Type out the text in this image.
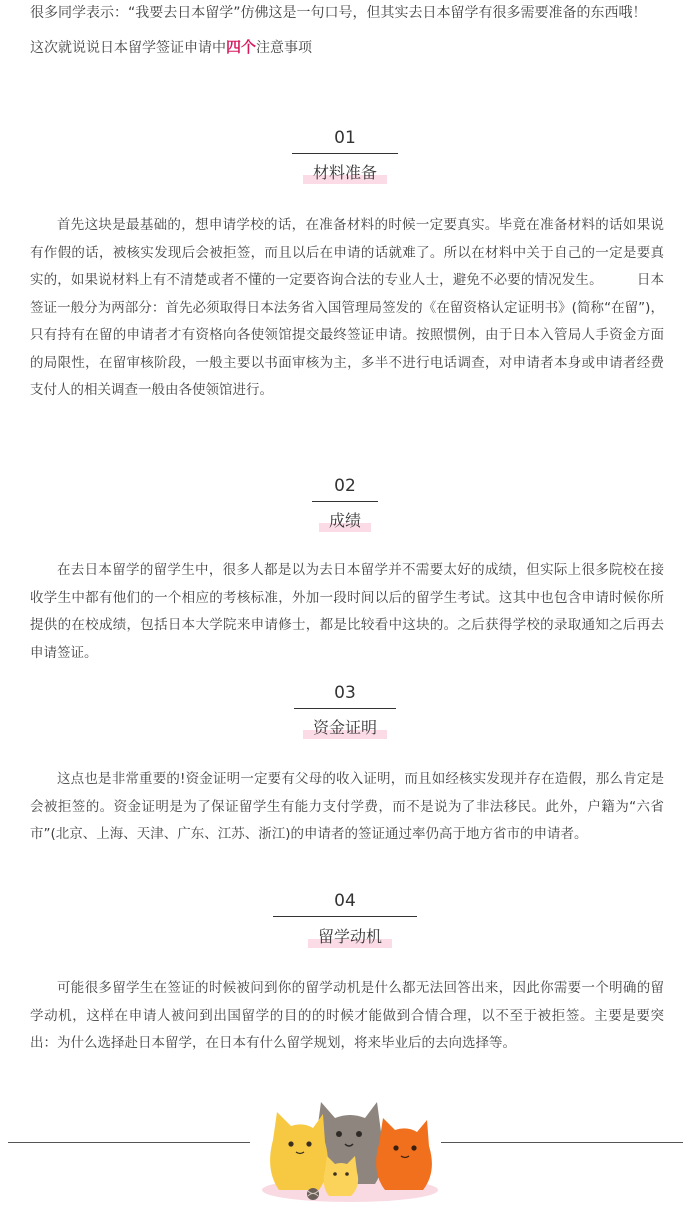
很多同学表示：“我要去日本留学”仿佛这是一句口号，但其实去日本留学有很多需要准备的东西哦！

这次就说说日本留学签证申请中四个注意事项

01
材料准备

首先这块是最基础的，想申请学校的话，在准备材料的时候一定要真实。毕竟在准备材料的话如果说有作假的话，被核实发现后会被拒签，而且以后在申请的话就难了。所以在材料中关于自己的一定是要真实的，如果说材料上有不清楚或者不懂的一定要咨询合法的专业人士，避免不必要的情况发生。　　　日本签证一般分为两部分：首先必须取得日本法务省入国管理局签发的《在留资格认定证明书》(简称“在留”)，只有持有在留的申请者才有资格向各使领馆提交最终签证申请。按照惯例，由于日本入管局人手资金方面的局限性，在留审核阶段，一般主要以书面审核为主，多半不进行电话调查，对申请者本身或申请者经费支付人的相关调查一般由各使领馆进行。

02
成绩

在去日本留学的留学生中，很多人都是以为去日本留学并不需要太好的成绩，但实际上很多院校在接收学生中都有他们的一个相应的考核标准，外加一段时间以后的留学生考试。这其中也包含申请时候你所提供的在校成绩，包括日本大学院来申请修士，都是比较看中这块的。之后获得学校的录取通知之后再去申请签证。

03
资金证明

这点也是非常重要的!资金证明一定要有父母的收入证明，而且如经核实发现并存在造假，那么肯定是会被拒签的。资金证明是为了保证留学生有能力支付学费，而不是说为了非法移民。此外，户籍为“六省市”(北京、上海、天津、广东、江苏、浙江)的申请者的签证通过率仍高于地方省市的申请者。

04
留学动机

可能很多留学生在签证的时候被问到你的留学动机是什么都无法回答出来，因此你需要一个明确的留学动机，这样在申请人被问到出国留学的目的的时候才能做到合情合理，以不至于被拒签。主要是要突出：为什么选择赴日本留学，在日本有什么留学规划，将来毕业后的去向选择等。
